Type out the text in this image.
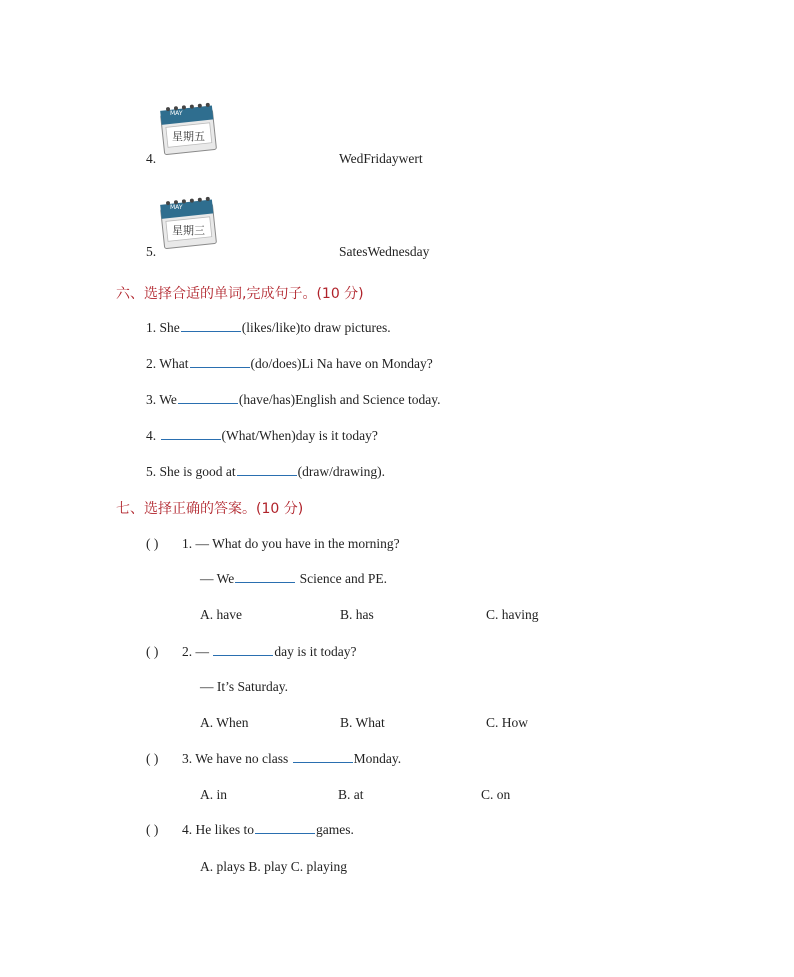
MAY
星期五
4.	WedFridaywert
MAY
星期三
5.	SatesWednesday
六、选择合适的单词,完成句子。(10 分)
1. She	(likes/like)to draw pictures.
2. What	(do/does)Li Na have on Monday?
3. We	(have/has)English and Science today.
4.	(What/When)day is it today?
5. She is good at	(draw/drawing).
七、选择正确的答案。(10 分)
( ) 1. — What do you have in the morning?
— We	Science and PE.
A. have	B. has	C. having
( ) 2. —	day is it today?
— It’s Saturday.
A. When	B. What	C. How
( ) 3. We have no class	Monday.
A. in	B. at	C. on
( ) 4. He likes to	games.
A. plays B. play C. playing
